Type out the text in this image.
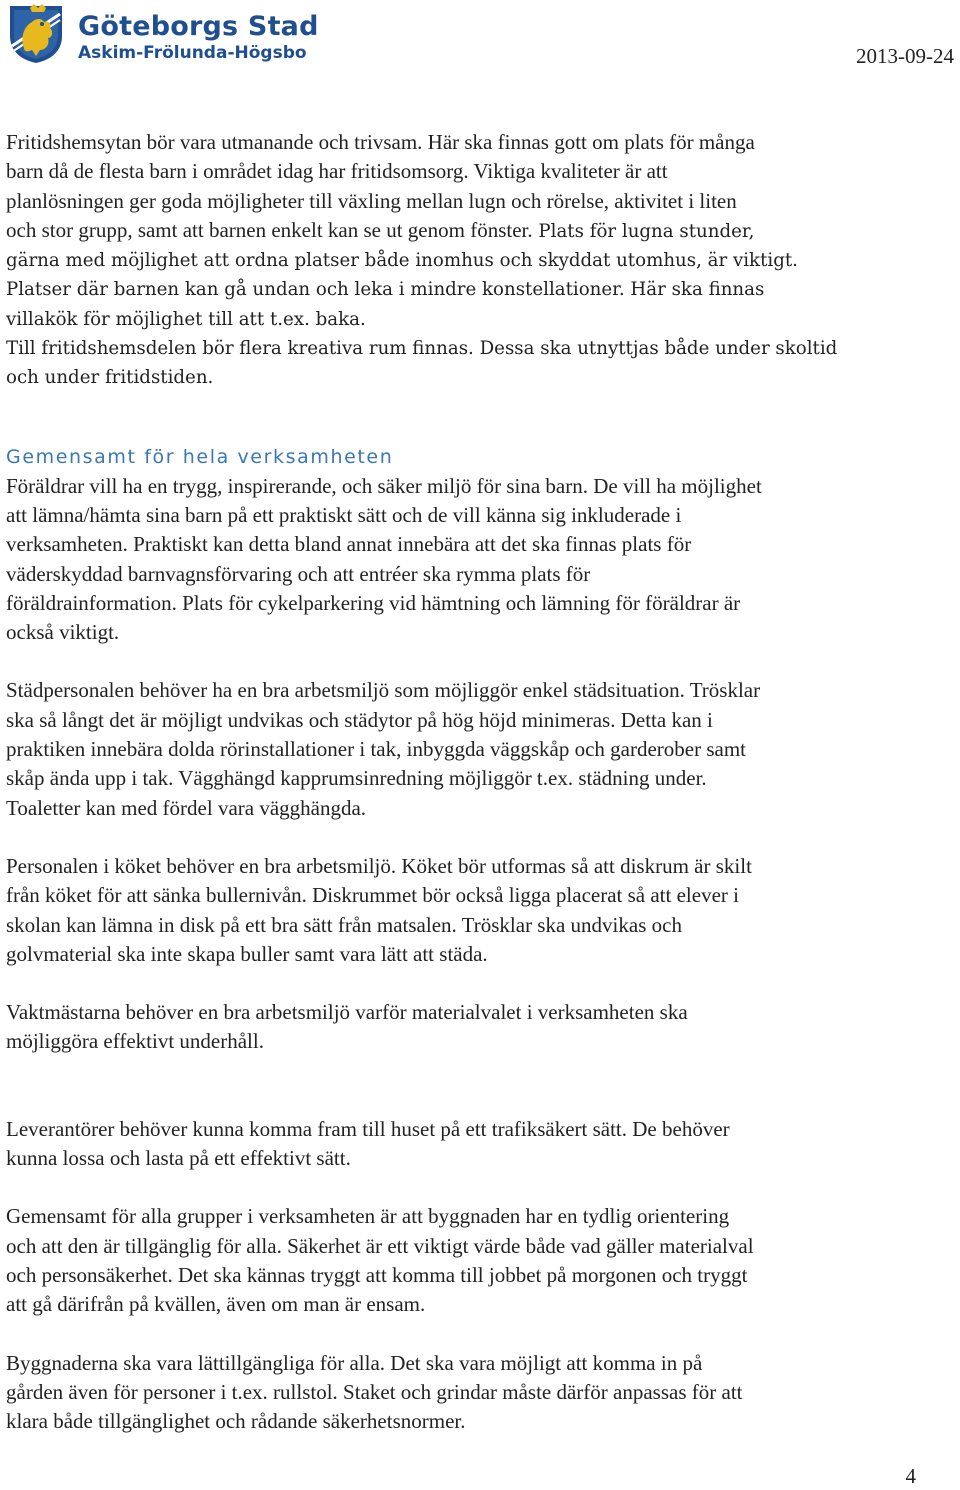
Göteborgs Stad
Askim-Frölunda-Högsbo	2013-09-24
Fritidshemsytan bör vara utmanande och trivsam. Här ska finnas gott om plats för många
barn då de flesta barn i området idag har fritidsomsorg. Viktiga kvaliteter är att
planlösningen ger goda möjligheter till växling mellan lugn och rörelse, aktivitet i liten
och stor grupp, samt att barnen enkelt kan se ut genom fönster. Plats för lugna stunder,
gärna med möjlighet att ordna platser både inomhus och skyddat utomhus, är viktigt.
Platser där barnen kan gå undan och leka i mindre konstellationer. Här ska finnas
villakök för möjlighet till att t.ex. baka.
Till fritidshemsdelen bör flera kreativa rum finnas. Dessa ska utnyttjas både under skoltid
och under fritidstiden.
Gemensamt för hela verksamheten
Föräldrar vill ha en trygg, inspirerande, och säker miljö för sina barn. De vill ha möjlighet
att lämna/hämta sina barn på ett praktiskt sätt och de vill känna sig inkluderade i
verksamheten. Praktiskt kan detta bland annat innebära att det ska finnas plats för
väderskyddad barnvagnsförvaring och att entréer ska rymma plats för
föräldrainformation. Plats för cykelparkering vid hämtning och lämning för föräldrar är
också viktigt.
Städpersonalen behöver ha en bra arbetsmiljö som möjliggör enkel städsituation. Trösklar
ska så långt det är möjligt undvikas och städytor på hög höjd minimeras. Detta kan i
praktiken innebära dolda rörinstallationer i tak, inbyggda väggskåp och garderober samt
skåp ända upp i tak. Vägghängd kapprumsinredning möjliggör t.ex. städning under.
Toaletter kan med fördel vara vägghängda.
Personalen i köket behöver en bra arbetsmiljö. Köket bör utformas så att diskrum är skilt
från köket för att sänka bullernivån. Diskrummet bör också ligga placerat så att elever i
skolan kan lämna in disk på ett bra sätt från matsalen. Trösklar ska undvikas och
golvmaterial ska inte skapa buller samt vara lätt att städa.
Vaktmästarna behöver en bra arbetsmiljö varför materialvalet i verksamheten ska
möjliggöra effektivt underhåll.
Leverantörer behöver kunna komma fram till huset på ett trafiksäkert sätt. De behöver
kunna lossa och lasta på ett effektivt sätt.
Gemensamt för alla grupper i verksamheten är att byggnaden har en tydlig orientering
och att den är tillgänglig för alla. Säkerhet är ett viktigt värde både vad gäller materialval
och personsäkerhet. Det ska kännas tryggt att komma till jobbet på morgonen och tryggt
att gå därifrån på kvällen, även om man är ensam.
Byggnaderna ska vara lättillgängliga för alla. Det ska vara möjligt att komma in på
gården även för personer i t.ex. rullstol. Staket och grindar måste därför anpassas för att
klara både tillgänglighet och rådande säkerhetsnormer.
4
